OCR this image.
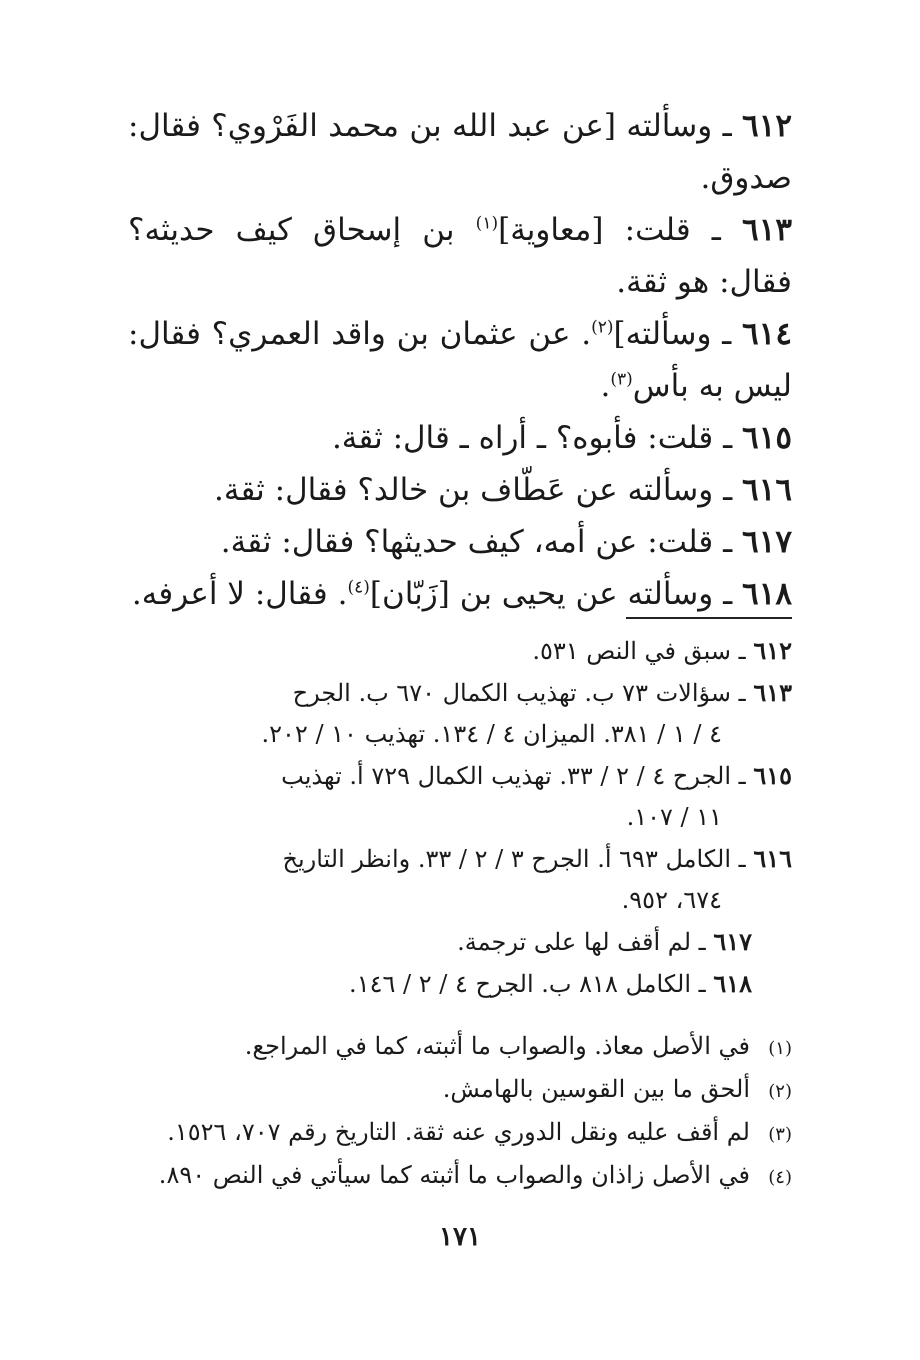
٦١٢ ـ وسألته [عن عبد الله بن محمد الفَرْوي؟ فقال: صدوق.

٦١٣ ـ قلت: [معاوية]$^{(١)}$ بن إسحاق كيف حديثه؟ فقال: هو ثقة.

٦١٤ ـ وسألته]$^{(٢)}$. عن عثمان بن واقد العمري؟ فقال: ليس به بأس$^{(٣)}$.

٦١٥ ـ قلت: فأبوه؟ ـ أراه ـ قال: ثقة.

٦١٦ ـ وسألته عن عَطّاف بن خالد؟ فقال: ثقة.

٦١٧ ـ قلت: عن أمه، كيف حديثها؟ فقال: ثقة.

٦١٨ ـ وسألته عن يحيى بن [زَبّان]$^{(٤)}$. فقال: لا أعرفه.

٦١٢ ـ سبق في النص ٥٣١.

٦١٣ ـ سؤالات ٧٣ ب. تهذيب الكمال ٦٧٠ ب. الجرح
٤ / ١ / ٣٨١. الميزان ٤ / ١٣٤. تهذيب ١٠ / ٢٠٢.

٦١٥ ـ الجرح ٤ / ٢ / ٣٣. تهذيب الكمال ٧٢٩ أ. تهذيب
١١ / ١٠٧.

٦١٦ ـ الكامل ٦٩٣ أ. الجرح ٣ / ٢ / ٣٣. وانظر التاريخ
٦٧٤، ٩٥٢.

٦١٧ ـ لم أقف لها على ترجمة.

٦١٨ ـ الكامل ٨١٨ ب. الجرح ٤ / ٢ / ١٤٦.

(١)في الأصل معاذ. والصواب ما أثبته، كما في المراجع.

(٢)ألحق ما بين القوسين بالهامش.

(٣)لم أقف عليه ونقل الدوري عنه ثقة. التاريخ رقم ٧٠٧، ١٥٢٦.

(٤)في الأصل زاذان والصواب ما أثبته كما سيأتي في النص ٨٩٠.

١٧١
